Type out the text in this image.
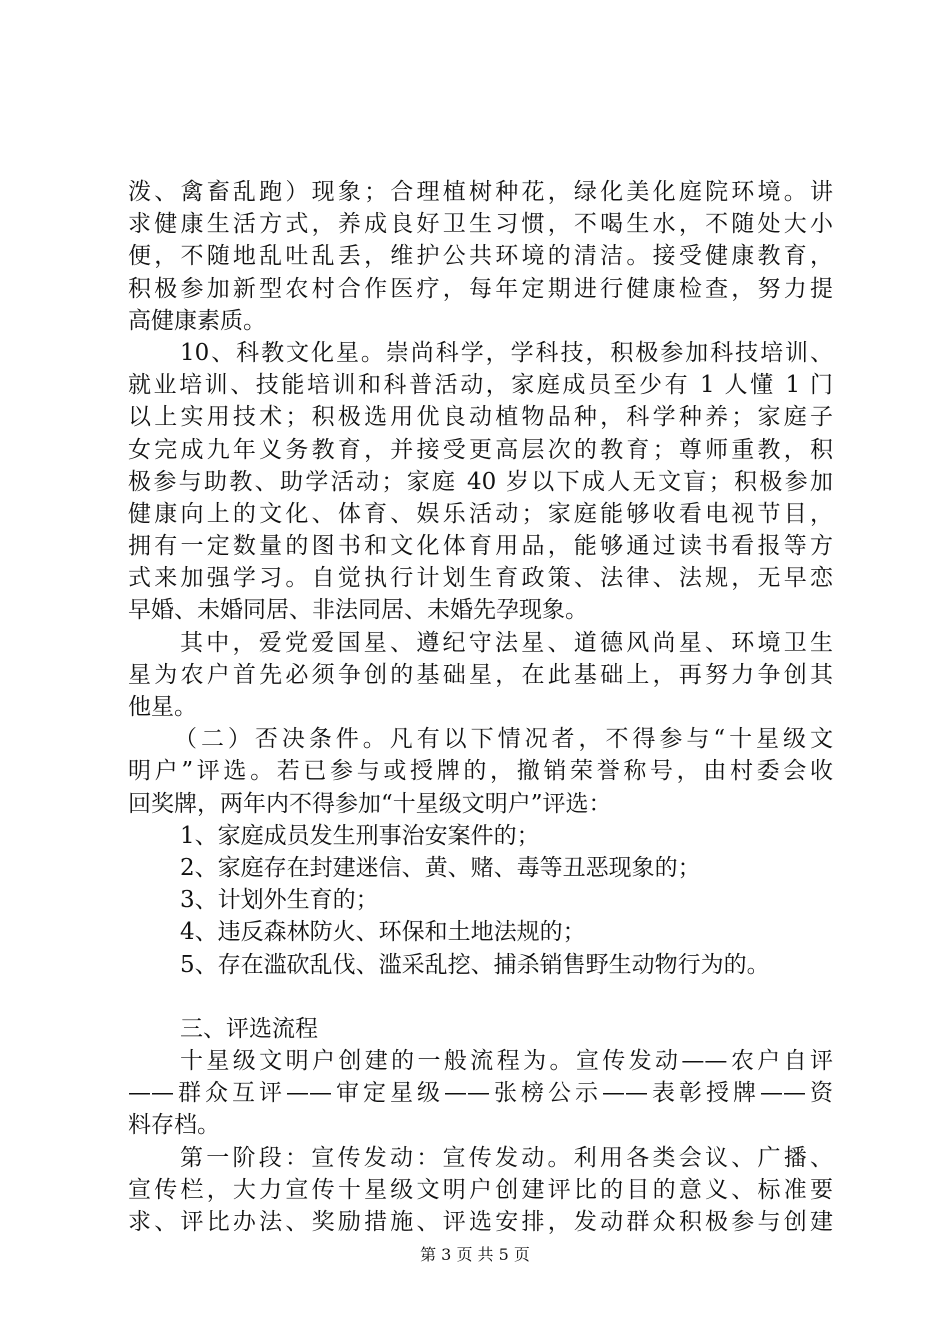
泼、禽畜乱跑）现象；合理植树种花，绿化美化庭院环境。讲
求健康生活方式，养成良好卫生习惯，不喝生水，不随处大小
便，不随地乱吐乱丢，维护公共环境的清洁。接受健康教育，
积极参加新型农村合作医疗，每年定期进行健康检查，努力提
高健康素质。
10、科教文化星。崇尚科学，学科技，积极参加科技培训、
就业培训、技能培训和科普活动，家庭成员至少有 1 人懂 1 门
以上实用技术；积极选用优良动植物品种，科学种养；家庭子
女完成九年义务教育，并接受更高层次的教育；尊师重教，积
极参与助教、助学活动；家庭 40 岁以下成人无文盲；积极参加
健康向上的文化、体育、娱乐活动；家庭能够收看电视节目，
拥有一定数量的图书和文化体育用品，能够通过读书看报等方
式来加强学习。自觉执行计划生育政策、法律、法规，无早恋
早婚、未婚同居、非法同居、未婚先孕现象。
其中，爱党爱国星、遵纪守法星、道德风尚星、环境卫生
星为农户首先必须争创的基础星，在此基础上，再努力争创其
他星。
（二）否决条件。凡有以下情况者，不得参与“十星级文
明户”评选。若已参与或授牌的，撤销荣誉称号，由村委会收
回奖牌，两年内不得参加“十星级文明户”评选：
1、家庭成员发生刑事治安案件的；
2、家庭存在封建迷信、黄、赌、毒等丑恶现象的；
3、计划外生育的；
4、违反森林防火、环保和土地法规的；
5、存在滥砍乱伐、滥采乱挖、捕杀销售野生动物行为的。
三、评选流程
十星级文明户创建的一般流程为。宣传发动——农户自评
——群众互评——审定星级——张榜公示——表彰授牌——资
料存档。
第一阶段：宣传发动：宣传发动。利用各类会议、广播、
宣传栏，大力宣传十星级文明户创建评比的目的意义、标准要
求、评比办法、奖励措施、评选安排，发动群众积极参与创建
第 3 页 共 5 页
